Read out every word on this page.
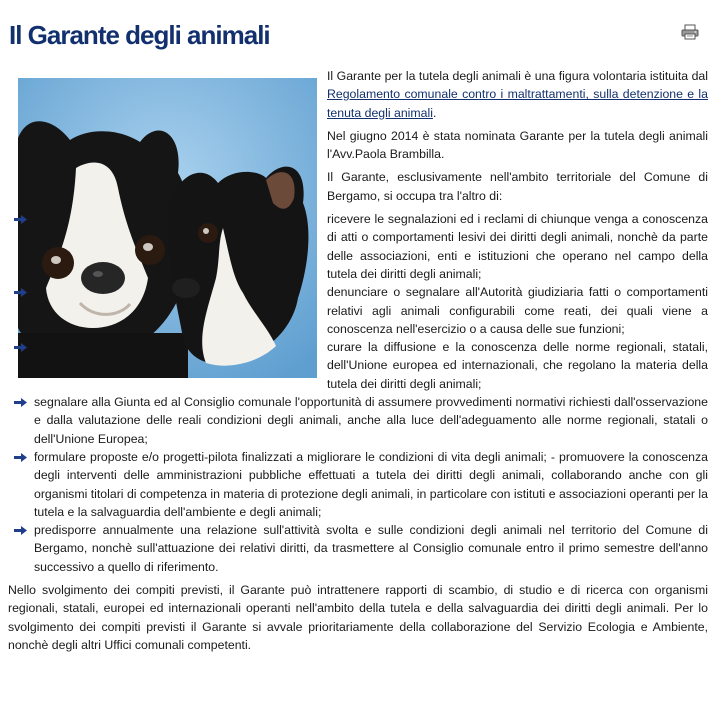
Il Garante degli animali

Il Garante per la tutela degli animali è una figura volontaria istituita dal Regolamento comunale contro i maltrattamenti, sulla detenzione e la tenuta degli animali.

Nel giugno 2014 è stata nominata Garante per la tutela degli animali l'Avv.Paola Brambilla.

Il Garante, esclusivamente nell'ambito territoriale del Comune di Bergamo, si occupa tra l'altro di:

ricevere le segnalazioni ed i reclami di chiunque venga a conoscenza di atti o comportamenti lesivi dei diritti degli animali, nonchè da parte delle associazioni, enti e istituzioni che operano nel campo della tutela dei diritti degli animali;
denunciare o segnalare all'Autorità giudiziaria fatti o comportamenti relativi agli animali configurabili come reati, dei quali viene a conoscenza nell'esercizio o a causa delle sue funzioni;
curare la diffusione e la conoscenza delle norme regionali, statali, dell'Unione europea ed internazionali, che regolano la materia della tutela dei diritti degli animali;
segnalare alla Giunta ed al Consiglio comunale l'opportunità di assumere provvedimenti normativi richiesti dall'osservazione e dalla valutazione delle reali condizioni degli animali, anche alla luce dell'adeguamento alle norme regionali, statali o dell'Unione Europea;
formulare proposte e/o progetti-pilota finalizzati a migliorare le condizioni di vita degli animali; - promuovere la conoscenza degli interventi delle amministrazioni pubbliche effettuati a tutela dei diritti degli animali, collaborando anche con gli organismi titolari di competenza in materia di protezione degli animali, in particolare con istituti e associazioni operanti per la tutela e la salvaguardia dell'ambiente e degli animali;
predisporre annualmente una relazione sull'attività svolta e sulle condizioni degli animali nel territorio del Comune di Bergamo, nonchè sull'attuazione dei relativi diritti, da trasmettere al Consiglio comunale entro il primo semestre dell'anno successivo a quello di riferimento.

Nello svolgimento dei compiti previsti, il Garante può intrattenere rapporti di scambio, di studio e di ricerca con organismi regionali, statali, europei ed internazionali operanti nell'ambito della tutela e della salvaguardia dei diritti degli animali. Per lo svolgimento dei compiti previsti il Garante si avvale prioritariamente della collaborazione del Servizio Ecologia e Ambiente, nonchè degli altri Uffici comunali competenti.
